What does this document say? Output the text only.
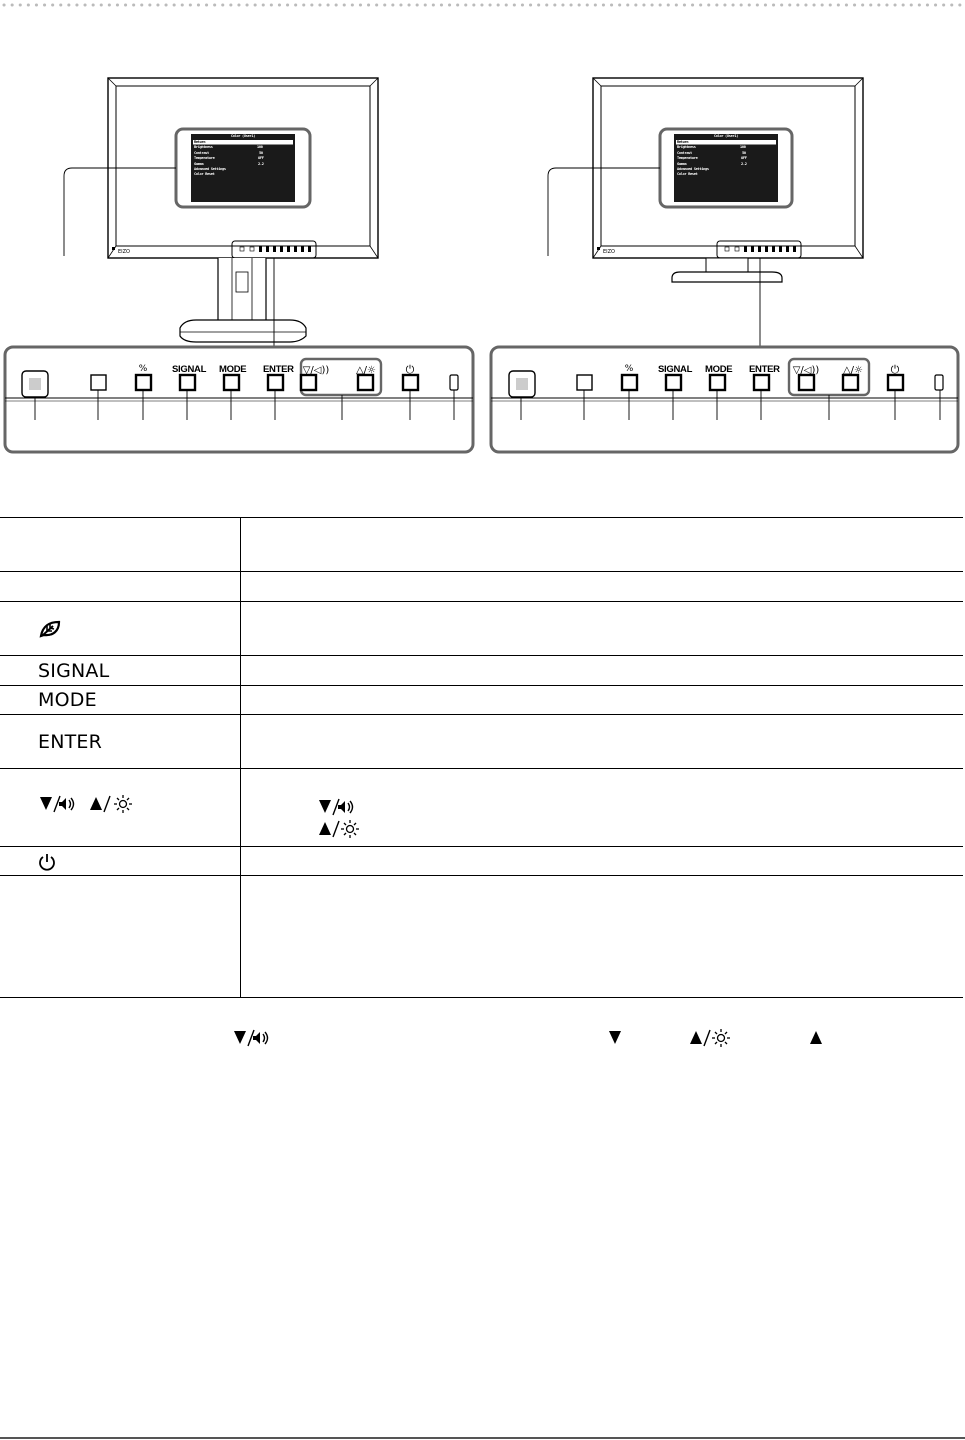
EIZO	EIZO
%	▽/◁))	△/☼	⏻	%	▽/◁)) △/☼	⏻
SIGNAL MODE ENTER	SIGNAL MODE ENTER
Color (User1)
Return
Brightness	100
Contrast	50
Temperature	OFF
Gamma	2.2
Advanced Settings
Color Reset
Color (User1)
Return
Brightness	100
Contrast	50
Temperature	OFF
Gamma	2.2
Advanced Settings
Color Reset

SIGNAL	
MODE	
ENTER	
